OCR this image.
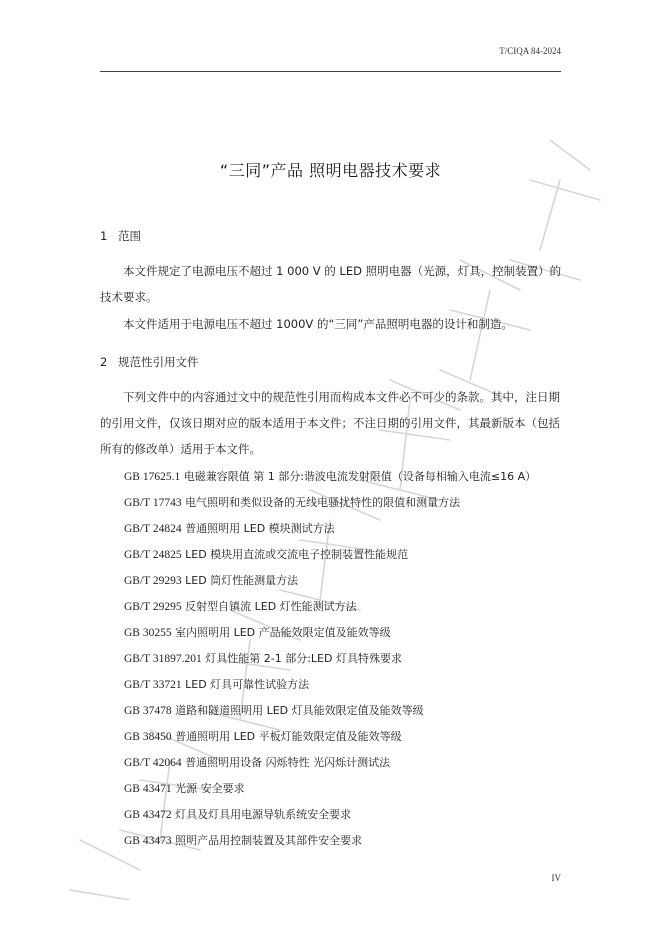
T/CIQA 84-2024
“三同”产品 照明电器技术要求
1 范围
本文件规定了电源电压不超过 1 000 V 的 LED 照明电器（光源，灯具，控制装置）的
技术要求。
本文件适用于电源电压不超过 1000V 的“三同”产品照明电器的设计和制造。
2 规范性引用文件
下列文件中的内容通过文中的规范性引用而构成本文件必不可少的条款。其中，注日期
的引用文件，仅该日期对应的版本适用于本文件；不注日期的引用文件，其最新版本（包括
所有的修改单）适用于本文件。
GB 17625.1 电磁兼容限值 第 1 部分:谐波电流发射限值（设备每相输入电流≤16 A）
GB/T 17743 电气照明和类似设备的无线电骚扰特性的限值和测量方法
GB/T 24824 普通照明用 LED 模块测试方法
GB/T 24825 LED 模块用直流或交流电子控制装置性能规范
GB/T 29293 LED 筒灯性能测量方法
GB/T 29295 反射型自镇流 LED 灯性能测试方法
GB 30255 室内照明用 LED 产品能效限定值及能效等级
GB/T 31897.201 灯具性能第 2-1 部分:LED 灯具特殊要求
GB/T 33721 LED 灯具可靠性试验方法
GB 37478 道路和隧道照明用 LED 灯具能效限定值及能效等级
GB 38450 普通照明用 LED 平板灯能效限定值及能效等级
GB/T 42064 普通照明用设备 闪烁特性 光闪烁计测试法
GB 43471 光源 安全要求
GB 43472 灯具及灯具用电源导轨系统安全要求
GB 43473 照明产品用控制装置及其部件安全要求
IV
